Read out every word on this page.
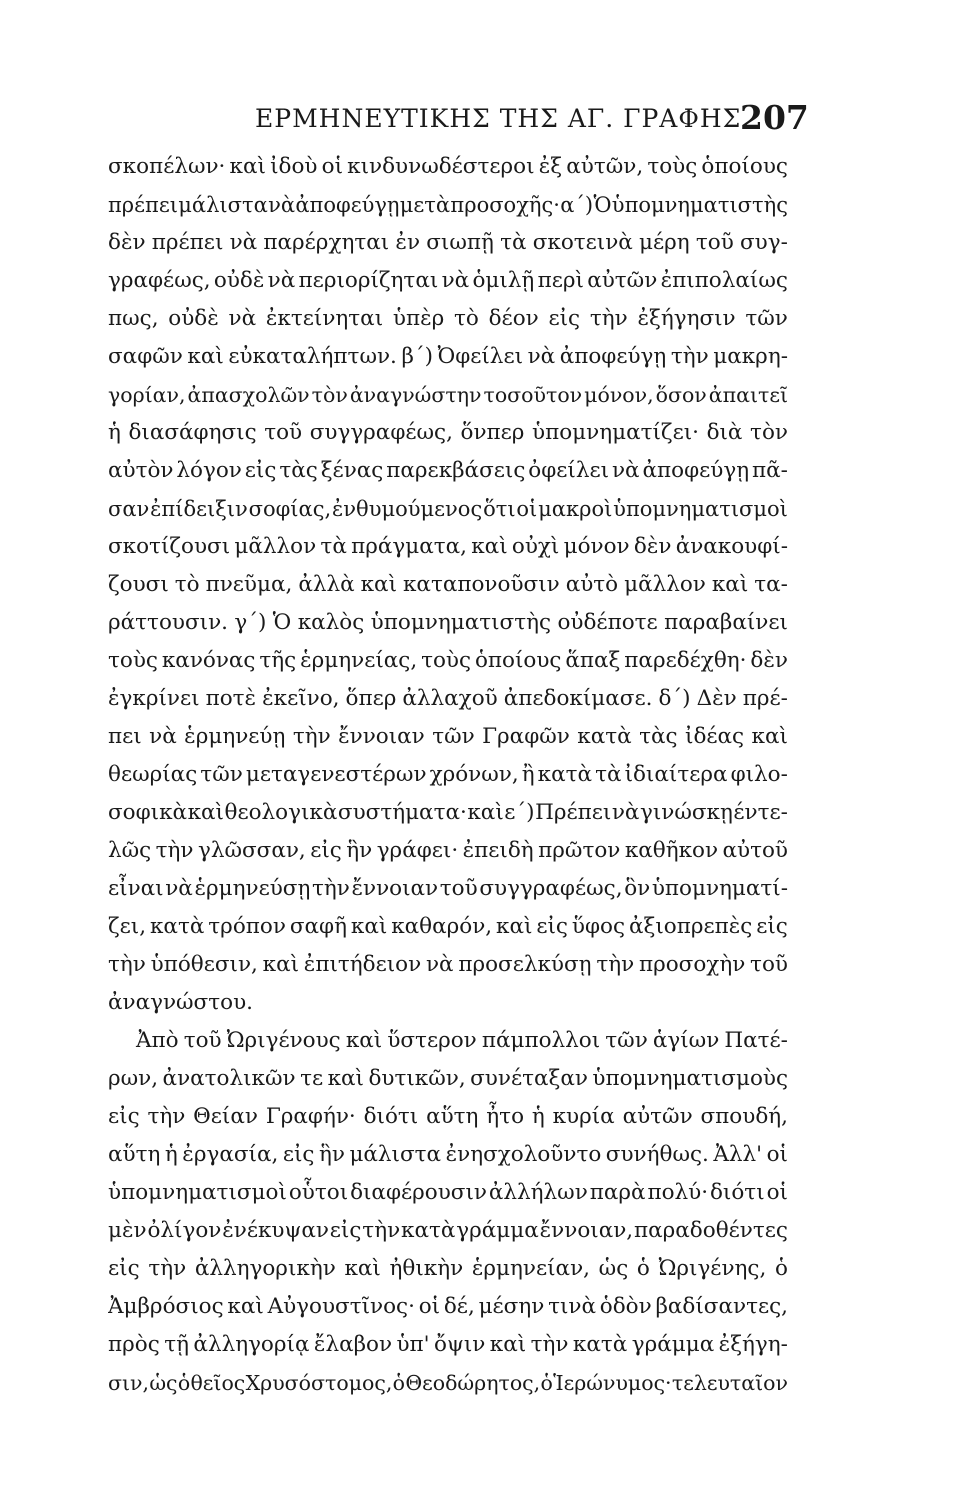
ΕΡΜΗΝΕΥΤΙΚΗΣ ΤΗΣ ΑΓ. ΓΡΑΦΗΣ.
207
σκοπέλων· καὶ ἰδοὺ οἱ κινδυνωδέστεροι ἐξ αὐτῶν, τοὺς ὁποίους
πρέπει μάλιστα νὰ ἀποφεύγῃ μετὰ προσοχῆς· α΄) Ὁ ὑπομνηματιστὴς
δὲν πρέπει νὰ παρέρχηται ἐν σιωπῇ τὰ σκοτεινὰ μέρη τοῦ συγ-
γραφέως, οὐδὲ νὰ περιορίζηται νὰ ὁμιλῇ περὶ αὐτῶν ἐπιπολαίως
πως, οὐδὲ νὰ ἐκτείνηται ὑπὲρ τὸ δέον εἰς τὴν ἐξήγησιν τῶν
σαφῶν καὶ εὐκαταλήπτων. β΄) Ὀφείλει νὰ ἀποφεύγῃ τὴν μακρη-
γορίαν, ἀπασχολῶν τὸν ἀναγνώστην τοσοῦτον μόνον, ὅσον ἀπαιτεῖ
ἡ διασάφησις τοῦ συγγραφέως, ὅνπερ ὑπομνηματίζει· διὰ τὸν
αὐτὸν λόγον εἰς τὰς ξένας παρεκβάσεις ὀφείλει νὰ ἀποφεύγῃ πᾶ-
σαν ἐπίδειξιν σοφίας, ἐνθυμούμενος ὅτι οἱ μακροὶ ὑπομνηματισμοὶ
σκοτίζουσι μᾶλλον τὰ πράγματα, καὶ οὐχὶ μόνον δὲν ἀνακουφί-
ζουσι τὸ πνεῦμα, ἀλλὰ καὶ καταπονοῦσιν αὐτὸ μᾶλλον καὶ τα-
ράττουσιν. γ΄) Ὁ καλὸς ὑπομνηματιστὴς οὐδέποτε παραβαίνει
τοὺς κανόνας τῆς ἑρμηνείας, τοὺς ὁποίους ἅπαξ παρεδέχθη· δὲν
ἐγκρίνει ποτὲ ἐκεῖνο, ὅπερ ἀλλαχοῦ ἀπεδοκίμασε. δ΄) Δὲν πρέ-
πει νὰ ἑρμηνεύῃ τὴν ἔννοιαν τῶν Γραφῶν κατὰ τὰς ἰδέας καὶ
θεωρίας τῶν μεταγενεστέρων χρόνων, ἢ κατὰ τὰ ἰδιαίτερα φιλο-
σοφικὰ καὶ θεολογικὰ συστήματα· καὶ ε΄) Πρέπει νὰ γινώσκῃ έντε-
λῶς τὴν γλῶσσαν, εἰς ἣν γράφει· ἐπειδὴ πρῶτον καθῆκον αὐτοῦ
εἶναι νὰ ἑρμηνεύσῃ τὴν ἔννοιαν τοῦ συγγραφέως, ὃν ὑπομνηματί-
ζει, κατὰ τρόπον σαφῆ καὶ καθαρόν, καὶ εἰς ὕφος ἀξιοπρεπὲς εἰς
τὴν ὑπόθεσιν, καὶ ἐπιτήδειον νὰ προσελκύσῃ τὴν προσοχὴν τοῦ
ἀναγνώστου.
Ἀπὸ τοῦ Ὠριγένους καὶ ὕστερον πάμπολλοι τῶν ἁγίων Πατέ-
ρων, ἀνατολικῶν τε καὶ δυτικῶν, συνέταξαν ὑπομνηματισμοὺς
εἰς τὴν Θείαν Γραφήν· διότι αὕτη ἦτο ἡ κυρία αὐτῶν σπουδή,
αὕτη ἡ ἐργασία, εἰς ἣν μάλιστα ἐνησχολοῦντο συνήθως. Ἀλλ' οἱ
ὑπομνηματισμοὶ οὗτοι διαφέρουσιν ἀλλήλων παρὰ πολύ· διότι οἱ
μὲν ὀλίγον ἐνέκυψαν εἰς τὴν κατὰ γράμμα ἔννοιαν, παραδοθέντες
εἰς τὴν ἀλληγορικὴν καὶ ἠθικὴν ἑρμηνείαν, ὡς ὁ Ὠριγένης, ὁ
Ἀμβρόσιος καὶ Αὐγουστῖνος· οἱ δέ, μέσην τινὰ ὁδὸν βαδίσαντες,
πρὸς τῇ ἀλληγορίᾳ ἔλαβον ὑπ' ὄψιν καὶ τὴν κατὰ γράμμα ἐξήγη-
σιν, ὡς ὁ θεῖος Χρυσόστομος, ὁ Θεοδώρητος, ὁ Ἱερώνυμος· τελευταῖον
